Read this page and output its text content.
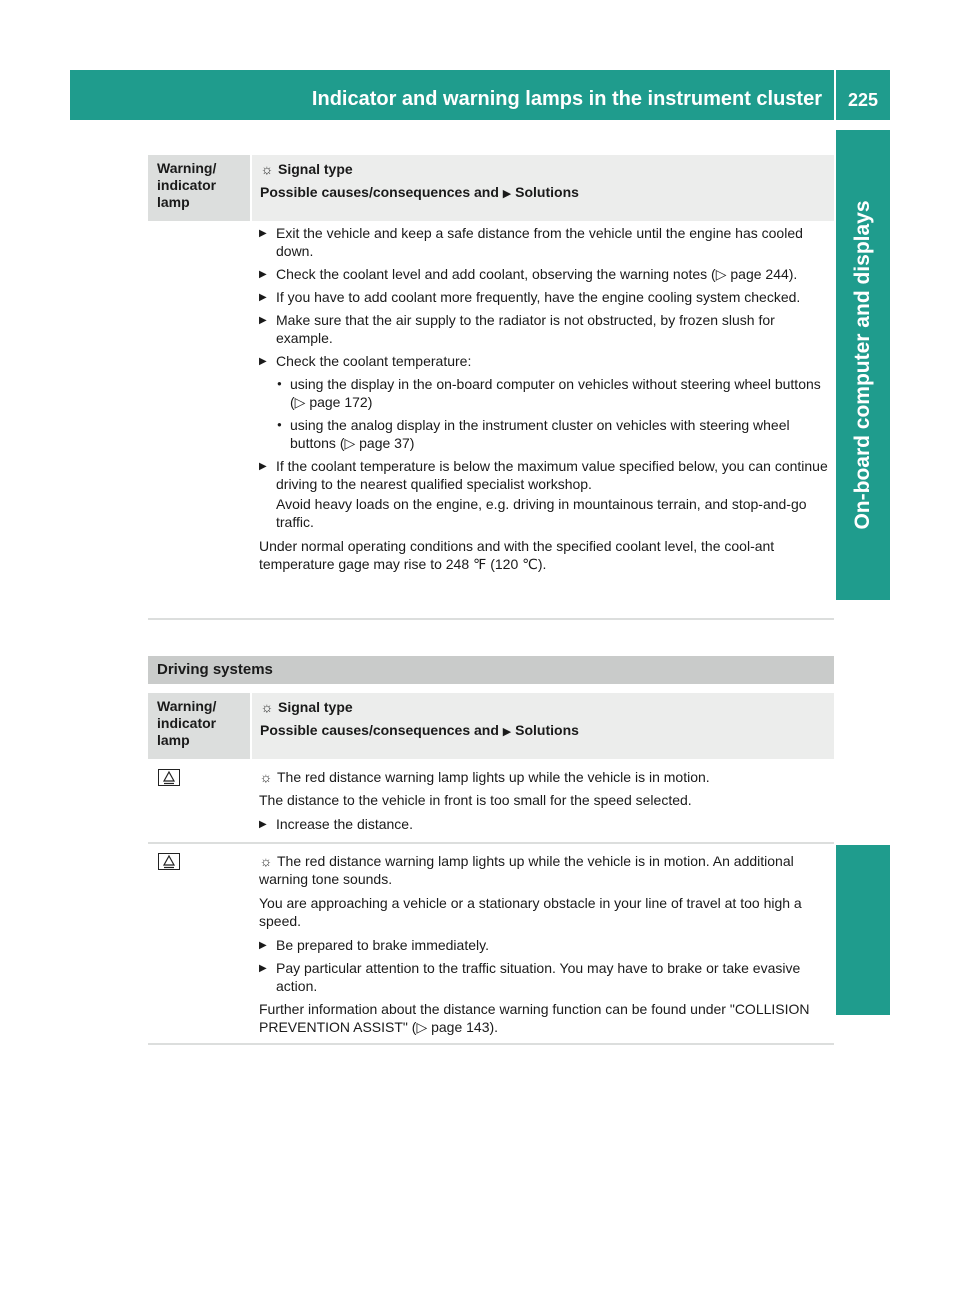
Indicator and warning lamps in the instrument cluster 225
On-board computer and displays
Warning/ indicator lamp
☼ Signal type
Possible causes/consequences and ▶ Solutions
▶ Exit the vehicle and keep a safe distance from the vehicle until the engine has cooled down.
▶ Check the coolant level and add coolant, observing the warning notes (▷ page 244).
▶ If you have to add coolant more frequently, have the engine cooling system checked.
▶ Make sure that the air supply to the radiator is not obstructed, by frozen slush for example.
▶ Check the coolant temperature:
● using the display in the on-board computer on vehicles without steering wheel buttons (▷ page 172)
● using the analog display in the instrument cluster on vehicles with steering wheel buttons (▷ page 37)
▶ If the coolant temperature is below the maximum value specified below, you can continue driving to the nearest qualified specialist workshop.

Avoid heavy loads on the engine, e.g. driving in mountainous terrain, and stop-and-go traffic.

Under normal operating conditions and with the specified coolant level, the cool-ant temperature gage may rise to 248 ℉ (120 ℃).

Driving systems
Warning/ indicator lamp
☼ Signal type
Possible causes/consequences and ▶ Solutions

☼ The red distance warning lamp lights up while the vehicle is in motion.

The distance to the vehicle in front is too small for the speed selected.

▶ Increase the distance.

☼ The red distance warning lamp lights up while the vehicle is in motion. An additional warning tone sounds.

You are approaching a vehicle or a stationary obstacle in your line of travel at too high a speed.

▶ Be prepared to brake immediately.
▶ Pay particular attention to the traffic situation. You may have to brake or take evasive action.

Further information about the distance warning function can be found under "COLLISION PREVENTION ASSIST" (▷ page 143).
